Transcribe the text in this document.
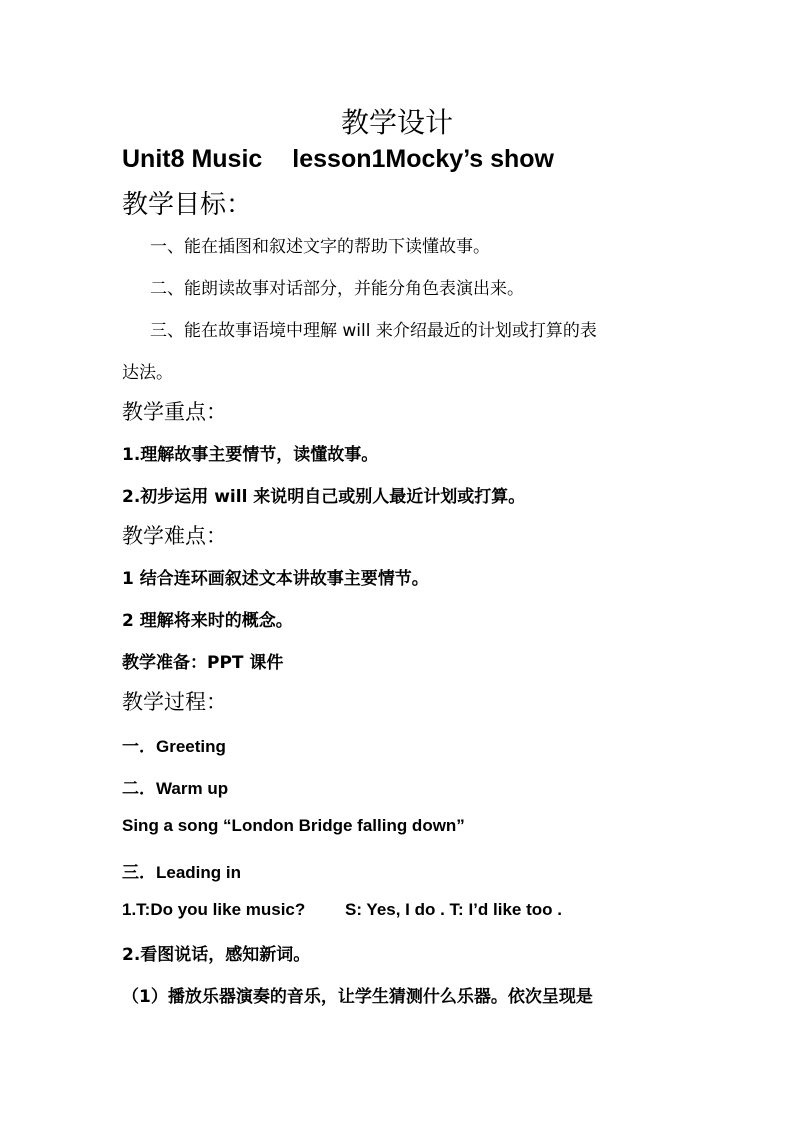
教学设计
Unit8 Music lesson1Mocky’s show
教学目标：
一、能在插图和叙述文字的帮助下读懂故事。
二、能朗读故事对话部分，并能分角色表演出来。
三、能在故事语境中理解 will 来介绍最近的计划或打算的表
达法。
教学重点：
1.理解故事主要情节，读懂故事。
2.初步运用 will 来说明自己或别人最近计划或打算。
教学难点：
1 结合连环画叙述文本讲故事主要情节。
2 理解将来时的概念。
教学准备：PPT 课件
教学过程：
一．Greeting
二．Warm up
Sing a song “London Bridge falling down”
三．Leading in
1.T:Do you like music? S: Yes, I do . T: I’d like too .
2.看图说话，感知新词。
（1）播放乐器演奏的音乐，让学生猜测什么乐器。依次呈现是
